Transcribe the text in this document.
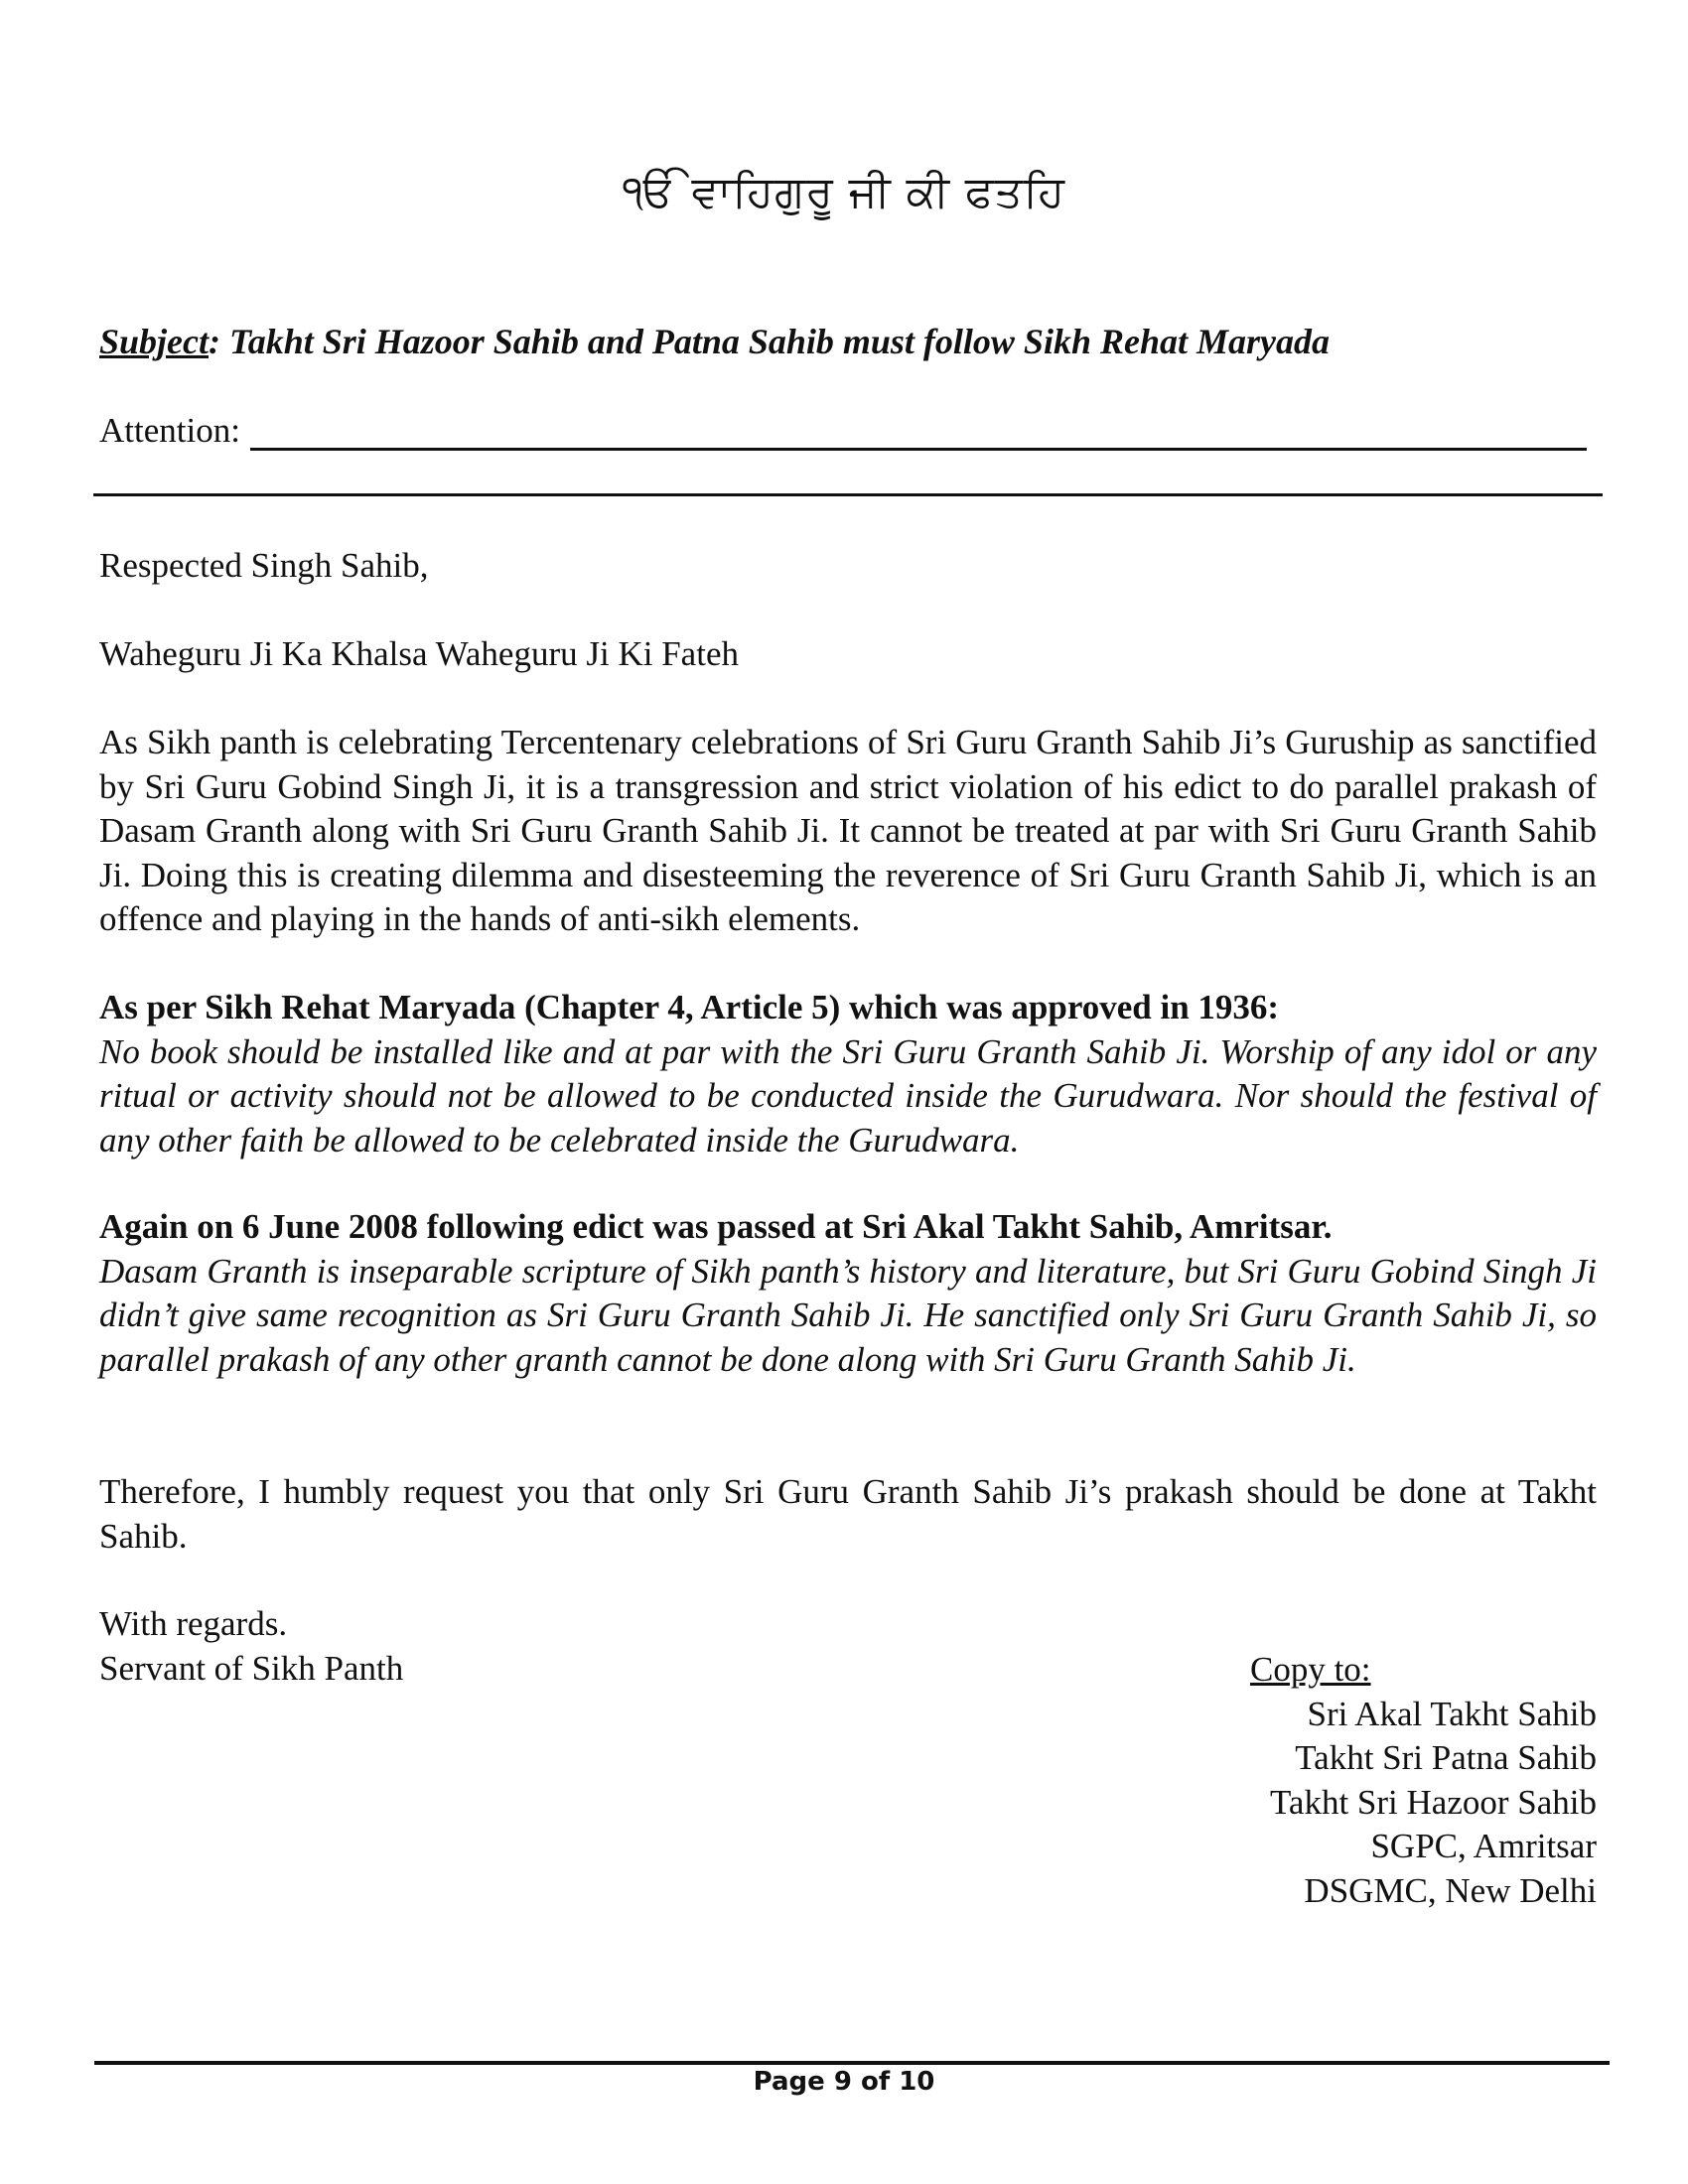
ੴ ਵਾਹਿਗੁਰੂ ਜੀ ਕੀ ਫਤਹਿ
Subject: Takht Sri Hazoor Sahib and Patna Sahib must follow Sikh Rehat Maryada
Attention:
Respected Singh Sahib,
Waheguru Ji Ka Khalsa Waheguru Ji Ki Fateh
As Sikh panth is celebrating Tercentenary celebrations of Sri Guru Granth Sahib Ji’s Guruship as sanctified by Sri Guru Gobind Singh Ji, it is a transgression and strict violation of his edict to do parallel prakash of Dasam Granth along with Sri Guru Granth Sahib Ji. It cannot be treated at par with Sri Guru Granth Sahib Ji. Doing this is creating dilemma and disesteeming the reverence of Sri Guru Granth Sahib Ji, which is an offence and playing in the hands of anti-sikh elements.
As per Sikh Rehat Maryada (Chapter 4, Article 5) which was approved in 1936:
No book should be installed like and at par with the Sri Guru Granth Sahib Ji. Worship of any idol or any ritual or activity should not be allowed to be conducted inside the Gurudwara. Nor should the festival of any other faith be allowed to be celebrated inside the Gurudwara.
Again on 6 June 2008 following edict was passed at Sri Akal Takht Sahib, Amritsar.
Dasam Granth is inseparable scripture of Sikh panth’s history and literature, but Sri Guru Gobind Singh Ji didn’t give same recognition as Sri Guru Granth Sahib Ji. He sanctified only Sri Guru Granth Sahib Ji, so parallel prakash of any other granth cannot be done along with Sri Guru Granth Sahib Ji.
Therefore, I humbly request you that only Sri Guru Granth Sahib Ji’s prakash should be done at Takht Sahib.
With regards.
Servant of Sikh Panth	Copy to:
Sri Akal Takht Sahib
Takht Sri Patna Sahib
Takht Sri Hazoor Sahib
SGPC, Amritsar
DSGMC, New Delhi
Page 9 of 10
